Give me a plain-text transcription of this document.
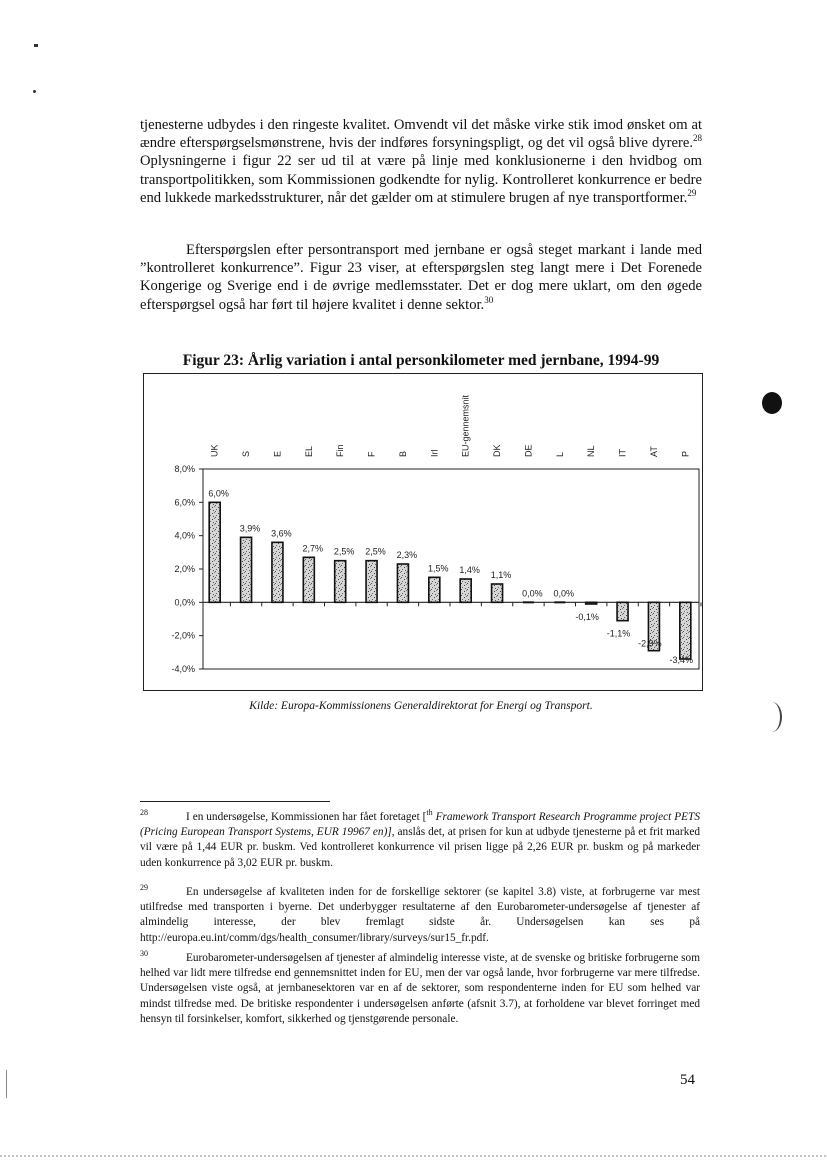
tjenesterne udbydes i den ringeste kvalitet. Omvendt vil det måske virke stik imod ønsket om at ændre efterspørgselsmønstrene, hvis der indføres forsyningspligt, og det vil også blive dyrere.$^{28}$ Oplysningerne i figur 22 ser ud til at være på linje med konklusionerne i den hvidbog om transportpolitikken, som Kommissionen godkendte for nylig. Kontrolleret konkurrence er bedre end lukkede markedsstrukturer, når det gælder om at stimulere brugen af nye transportformer.$^{29}$

Efterspørgslen efter persontransport med jernbane er også steget markant i lande med ”kontrolleret konkurrence”. Figur 23 viser, at efterspørgslen steg langt mere i Det Forenede Kongerige og Sverige end i de øvrige medlemsstater. Det er dog mere uklart, om den øgede efterspørgsel også har ført til højere kvalitet i denne sektor.$^{30}$

Figur 23: Årlig variation i antal personkilometer med jernbane, 1994-99

8,0%
6,0%
4,0%
2,0%
0,0%
-2,0%
-4,0%
6,0%
UK
3,9%
S
3,6%
E
2,7%
EL
2,5%
Fin
2,5%
F
2,3%
B
1,5%
Irl
1,4%
EU-gennemsnit
1,1%
DK
0,0%
DE
0,0%
L
-0,1%
NL
-1,1%
IT
-2,9%
AT
-3,4%
P

Kilde: Europa-Kommissionens Generaldirektorat for Energi og Transport.

$^{28}$	I en undersøgelse, Kommissionen har fået foretaget [$^{th}$ Framework Transport Research Programme project PETS (Pricing European Transport Systems, EUR 19967 en)], anslås det, at prisen for kun at udbyde tjenesterne på et frit marked vil være på 1,44 EUR pr. buskm. Ved kontrolleret konkurrence vil prisen ligge på 2,26 EUR pr. buskm og på markeder uden konkurrence på 3,02 EUR pr. buskm.

$^{29}$	En undersøgelse af kvaliteten inden for de forskellige sektorer (se kapitel 3.8) viste, at forbrugerne var mest utilfredse med transporten i byerne. Det underbygger resultaterne af den Eurobarometer-undersøgelse af tjenester af almindelig interesse, der blev fremlagt sidste år. Undersøgelsen kan ses på http://europa.eu.int/comm/dgs/health_consumer/library/surveys/sur15_fr.pdf.

$^{30}$	Eurobarometer-undersøgelsen af tjenester af almindelig interesse viste, at de svenske og britiske forbrugerne som helhed var lidt mere tilfredse end gennemsnittet inden for EU, men der var også lande, hvor forbrugerne var mere tilfredse. Undersøgelsen viste også, at jernbanesektoren var en af de sektorer, som respondenterne inden for EU som helhed var mindst tilfredse med. De britiske respondenter i undersøgelsen anførte (afsnit 3.7), at forholdene var blevet forringet med hensyn til forsinkelser, komfort, sikkerhed og tjenstgørende personale.

54
